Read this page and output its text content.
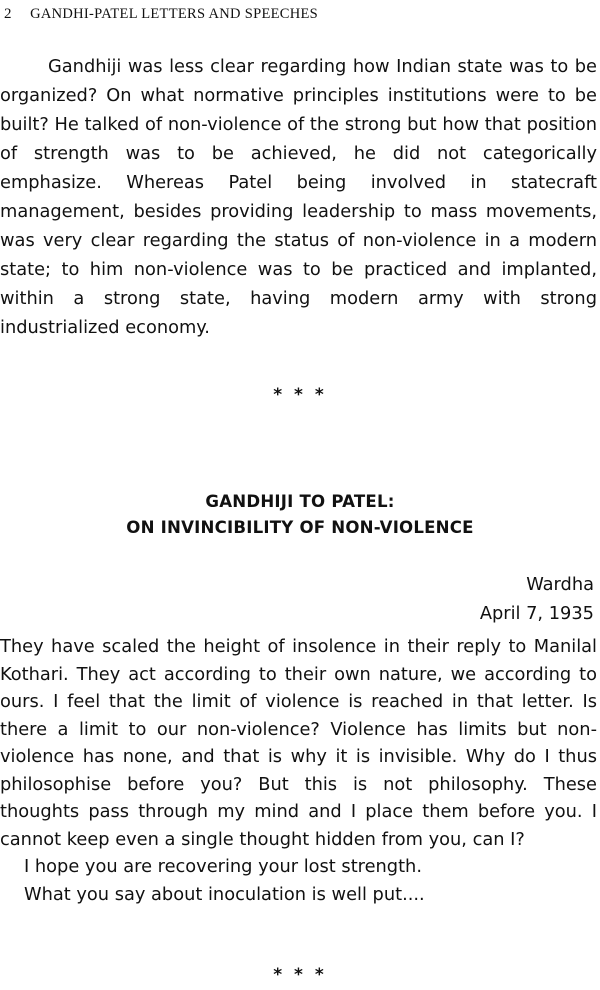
2 GANDHI-PATEL LETTERS AND SPEECHES

Gandhiji was less clear regarding how Indian state was to be organized? On what normative principles institutions were to be built? He talked of non-violence of the strong but how that position of strength was to be achieved, he did not categorically emphasize. Whereas Patel being involved in statecraft management, besides providing leadership to mass movements, was very clear regarding the status of non-violence in a modern state; to him non-violence was to be practiced and implanted, within a strong state, having modern army with strong industrialized economy.

* * *
GANDHIJI TO PATEL:
ON INVINCIBILITY OF NON-VIOLENCE
Wardha
April 7, 1935

They have scaled the height of insolence in their reply to Manilal Kothari. They act according to their own nature, we according to ours. I feel that the limit of violence is reached in that letter. Is there a limit to our non-violence? Violence has limits but non-violence has none, and that is why it is invisible. Why do I thus philosophise before you? But this is not philosophy. These thoughts pass through my mind and I place them before you. I cannot keep even a single thought hidden from you, can I?

I hope you are recovering your lost strength.

What you say about inoculation is well put....

* * *
